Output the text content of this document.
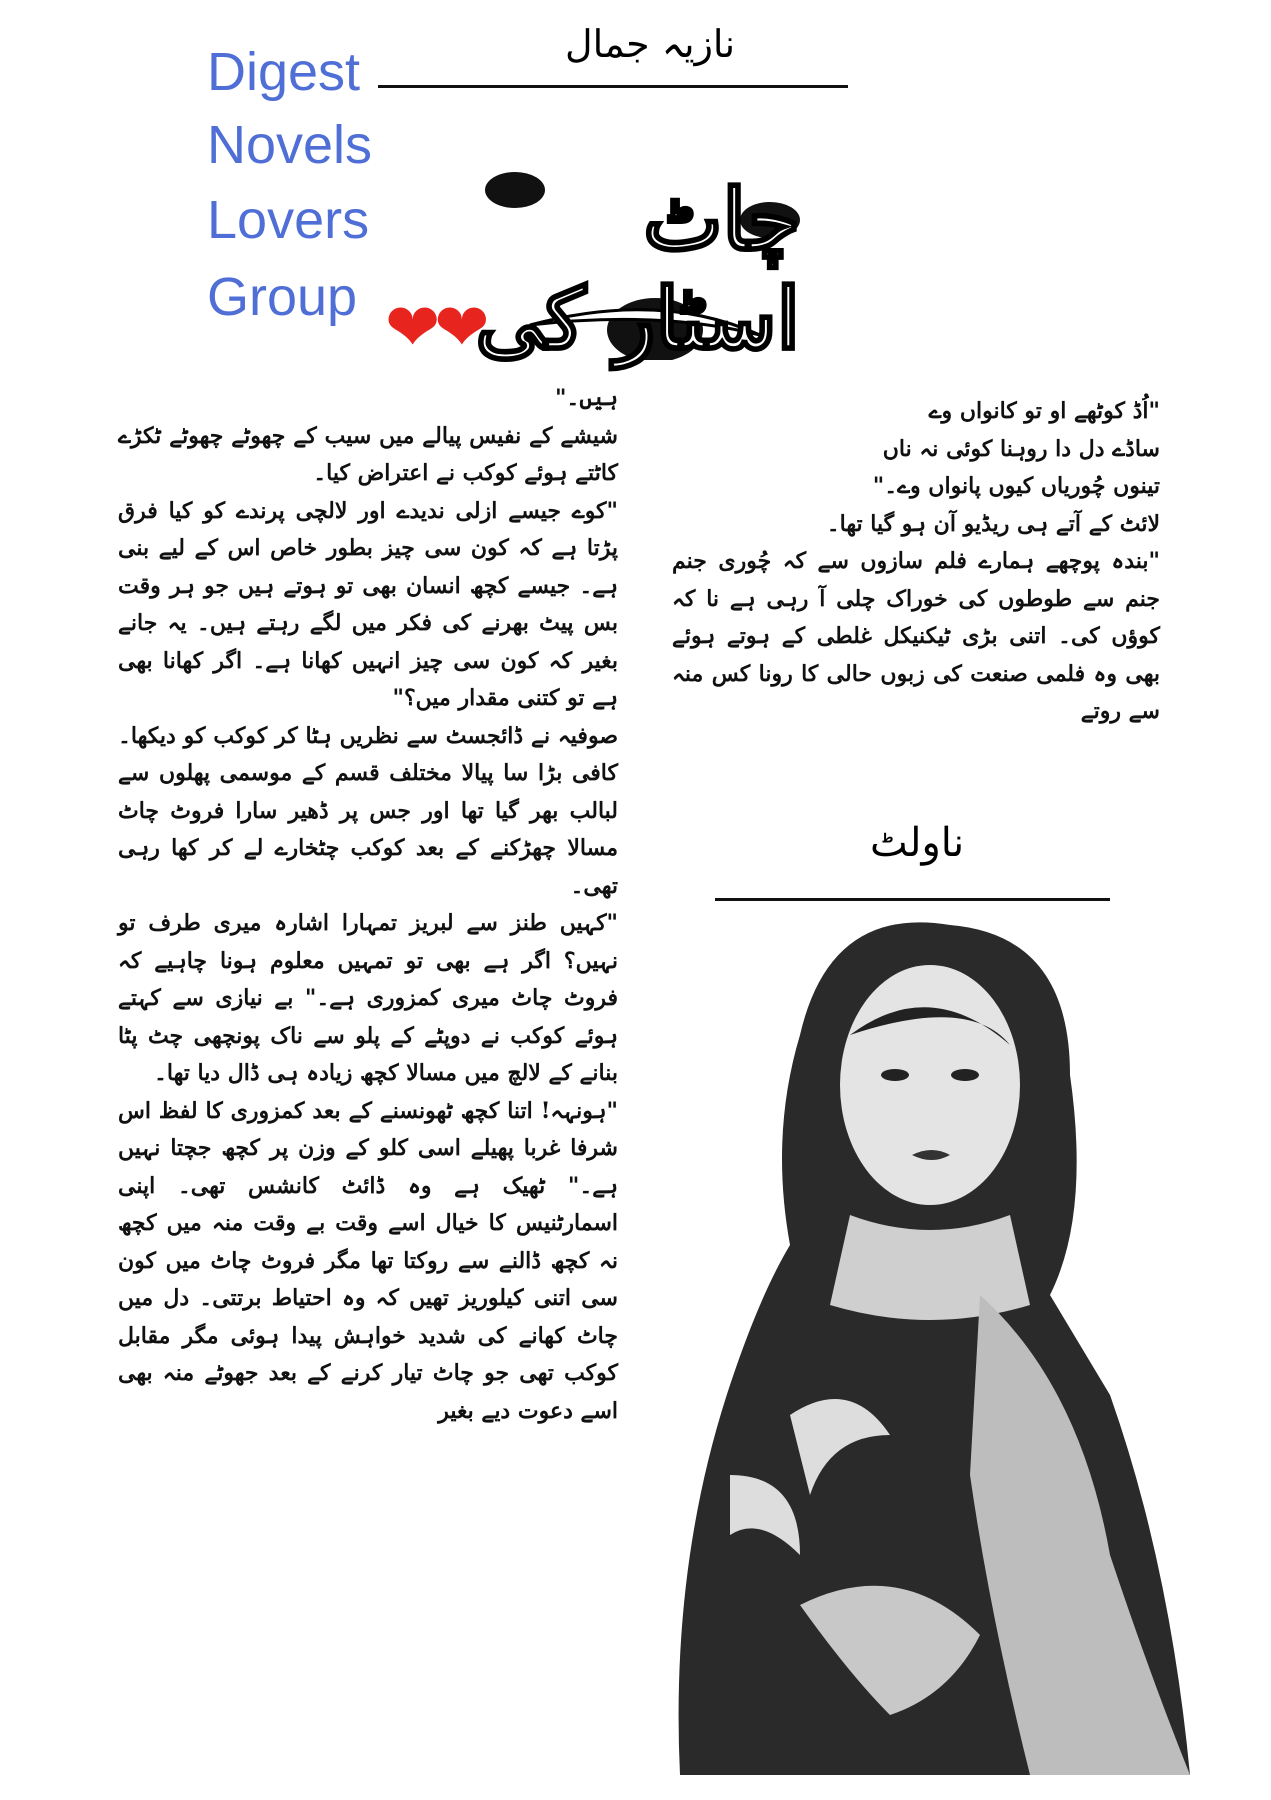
Digest
Novels
Lovers
Group ❤❤
نازیہ جمال
چاٹ اسٹار کی

ہیں۔"

شیشے کے نفیس پیالے میں سیب کے چھوٹے چھوٹے ٹکڑے کاٹتے ہوئے کوکب نے اعتراض کیا۔

"کوے جیسے ازلی ندیدے اور لالچی پرندے کو کیا فرق پڑتا ہے کہ کون سی چیز بطور خاص اس کے لیے بنی ہے۔ جیسے کچھ انسان بھی تو ہوتے ہیں جو ہر وقت بس پیٹ بھرنے کی فکر میں لگے رہتے ہیں۔ یہ جانے بغیر کہ کون سی چیز انہیں کھانا ہے۔ اگر کھانا بھی ہے تو کتنی مقدار میں؟"

صوفیہ نے ڈائجسٹ سے نظریں ہٹا کر کوکب کو دیکھا۔ کافی بڑا سا پیالا مختلف قسم کے موسمی پھلوں سے لبالب بھر گیا تھا اور جس پر ڈھیر سارا فروٹ چاٹ مسالا چھڑکنے کے بعد کوکب چٹخارے لے کر کھا رہی تھی۔

"کہیں طنز سے لبریز تمہارا اشارہ میری طرف تو نہیں؟ اگر ہے بھی تو تمہیں معلوم ہونا چاہیے کہ فروٹ چاٹ میری کمزوری ہے۔" بے نیازی سے کہتے ہوئے کوکب نے دوپٹے کے پلو سے ناک پونچھی چٹ پٹا بنانے کے لالچ میں مسالا کچھ زیادہ ہی ڈال دیا تھا۔

"ہونہہ! اتنا کچھ ٹھونسنے کے بعد کمزوری کا لفظ اس شرفا غربا پھیلے اسی کلو کے وزن پر کچھ جچتا نہیں ہے۔" ٹھیک ہے وہ ڈائٹ کانشس تھی۔ اپنی اسمارٹنیس کا خیال اسے وقت بے وقت منہ میں کچھ نہ کچھ ڈالنے سے روکتا تھا مگر فروٹ چاٹ میں کون سی اتنی کیلوریز تھیں کہ وہ احتیاط برتتی۔ دل میں چاٹ کھانے کی شدید خواہش پیدا ہوئی مگر مقابل کوکب تھی جو چاٹ تیار کرنے کے بعد جھوٹے منہ بھی اسے دعوت دیے بغیر

"اُڈ کوٹھے او تو کانواں وے

ساڈے دل دا روہنا کوئی نہ ناں

تینوں چُوریاں کیوں پانواں وے۔"

لائٹ کے آتے ہی ریڈیو آن ہو گیا تھا۔

"بندہ پوچھے ہمارے فلم سازوں سے کہ چُوری جنم جنم سے طوطوں کی خوراک چلی آ رہی ہے نا کہ کوؤں کی۔ اتنی بڑی ٹیکنیکل غلطی کے ہوتے ہوئے بھی وہ فلمی صنعت کی زبوں حالی کا رونا کس منہ سے روتے

ناولٹ
